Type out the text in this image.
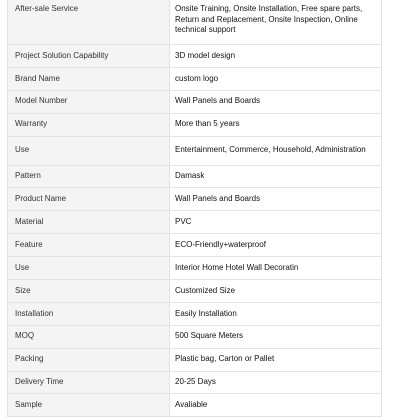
After-sale Service	Onsite Training, Onsite Installation, Free spare parts, Return and Replacement, Onsite Inspection, Online technical support
Project Solution Capability	3D model design
Brand Name	custom logo
Model Number	Wall Panels and Boards
Warranty	More than 5 years
Use	Entertainment, Commerce, Household, Administration
Pattern	Damask
Product Name	Wall Panels and Boards
Material	PVC
Feature	ECO-Friendly+waterproof
Use	Interior Home Hotel Wall Decoratin
Size	Customized Size
Installation	Easily Installation
MOQ	500 Square Meters
Packing	Plastic bag, Carton or Pallet
Delivery Time	20-25 Days
Sample	Avaliable
